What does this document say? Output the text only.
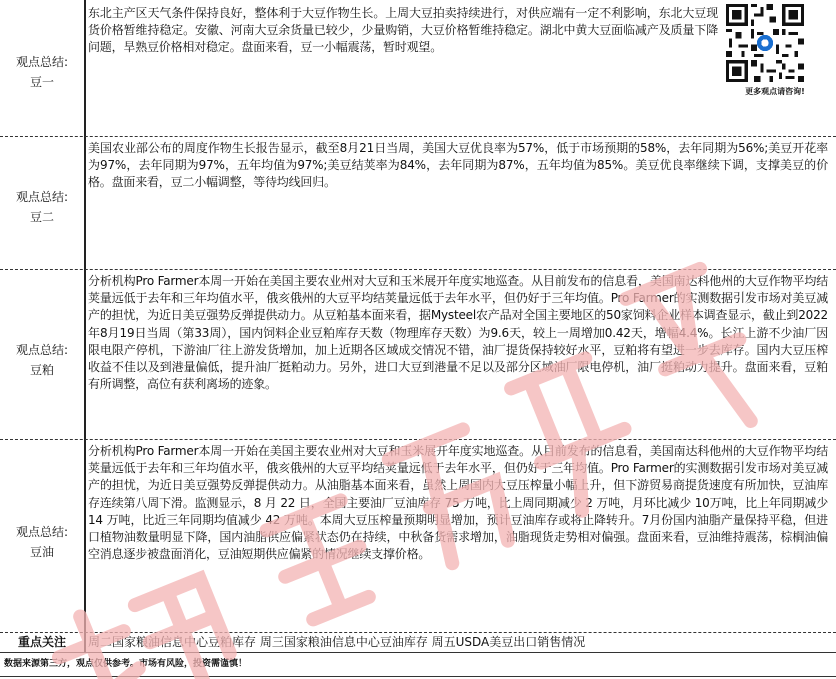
观点总结:
豆一
东北主产区天气条件保持良好，整体利于大豆作物生长。上周大豆拍卖持续进行，对供应端有一定不利影响，东北大豆现货价格暂维持稳定。安徽、河南大豆余货量已较少，少量购销，大豆价格暂维持稳定。湖北中黄大豆面临减产及质量下降问题，旱熟豆价格相对稳定。盘面来看，豆一小幅震荡，暂时观望。
更多观点请咨询!
观点总结:
豆二
美国农业部公布的周度作物生长报告显示，截至8月21日当周，美国大豆优良率为57%，低于市场预期的58%，去年同期为56%;美豆开花率为97%，去年同期为97%，五年均值为97%;美豆结荚率为84%，去年同期为87%，五年均值为85%。美豆优良率继续下调，支撑美豆的价格。盘面来看，豆二小幅调整，等待均线回归。
观点总结:
豆粕
分析机构Pro Farmer本周一开始在美国主要农业州对大豆和玉米展开年度实地巡查。从目前发布的信息看，美国南达科他州的大豆作物平均结荚量远低于去年和三年均值水平，俄亥俄州的大豆平均结荚量远低于去年水平，但仍好于三年均值。Pro Farmer的实测数据引发市场对美豆减产的担忧，为近日美豆强势反弹提供动力。从豆粕基本面来看，据Mysteel农产品对全国主要地区的50家饲料企业样本调查显示，截止到2022年8月19日当周（第33周），国内饲料企业豆粕库存天数（物理库存天数）为9.6天，较上一周增加0.42天，增幅4.4%。长江上游不少油厂因限电限产停机，下游油厂往上游发货增加，加上近期各区域成交情况不错，油厂提货保持较好水平，豆粕将有望进一步去库存。国内大豆压榨收益不佳以及到港量偏低，提升油厂挺粕动力。另外，进口大豆到港量不足以及部分区域油厂限电停机，油厂挺粕动力提升。盘面来看，豆粕有所调整，高位有获利离场的迹象。
观点总结:
豆油
分析机构Pro Farmer本周一开始在美国主要农业州对大豆和玉米展开年度实地巡查。从目前发布的信息看，美国南达科他州的大豆作物平均结荚量远低于去年和三年均值水平，俄亥俄州的大豆平均结荚量远低于去年水平，但仍好于三年均值。Pro Farmer的实测数据引发市场对美豆减产的担忧，为近日美豆强势反弹提供动力。从油脂基本面来看，虽然上周国内大豆压榨量小幅上升，但下游贸易商提货速度有所加快，豆油库存连续第八周下滑。监测显示，8 月 22 日，全国主要油厂豆油库存 75 万吨，比上周同期减少 2 万吨，月环比减少 10万吨，比上年同期减少 14 万吨，比近三年同期均值减少 42 万吨。本周大豆压榨量预期明显增加，预计豆油库存或将止降转升。7月份国内油脂产量保持平稳，但进口植物油数量明显下降，国内油脂供应偏紧状态仍在持续，中秋备货需求增加，油脂现货走势相对偏强。盘面来看，豆油维持震荡，棕榈油偏空消息逐步被盘面消化，豆油短期供应偏紧的情况继续支撑价格。
重点关注	周二国家粮油信息中心豆粕库存 周三国家粮油信息中心豆油库存 周五USDA美豆出口销售情况
数据来源第三方，观点仅供参考。市场有风险，投资需谨慎！
